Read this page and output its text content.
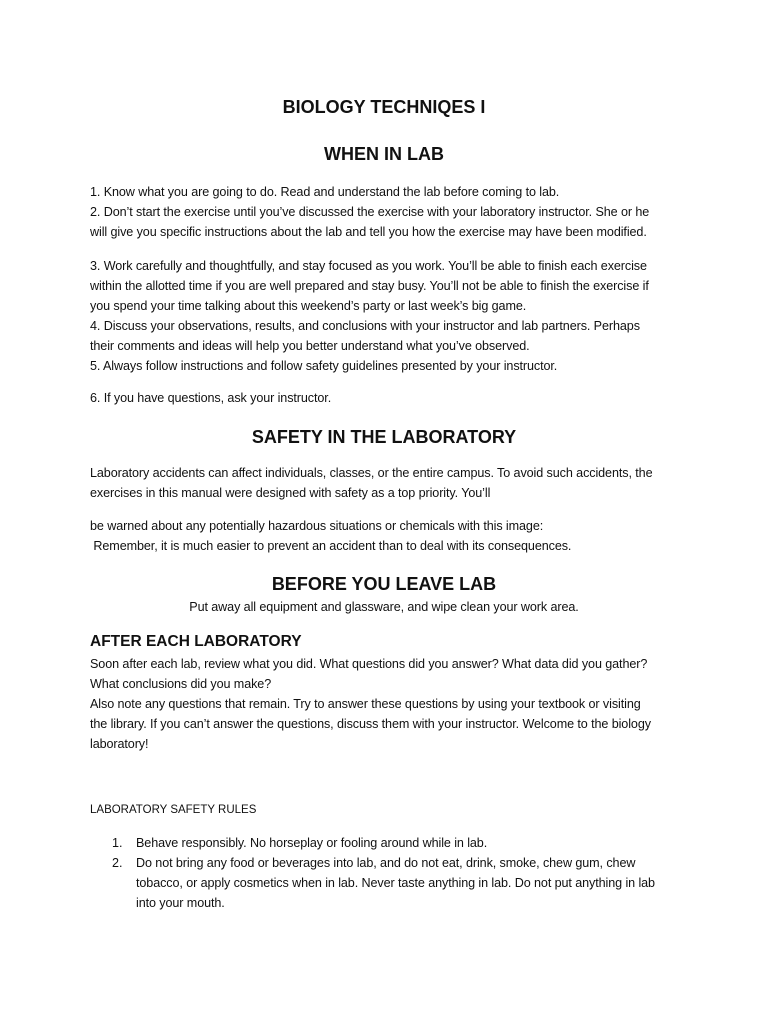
BIOLOGY TECHNIQES I
WHEN IN LAB
1. Know what you are going to do. Read and understand the lab before coming to lab.
2. Don’t start the exercise until you’ve discussed the exercise with your laboratory instructor. She or he
will give you specific instructions about the lab and tell you how the exercise may have been modified.
3. Work carefully and thoughtfully, and stay focused as you work. You’ll be able to finish each exercise
within the allotted time if you are well prepared and stay busy. You’ll not be able to finish the exercise if
you spend your time talking about this weekend’s party or last week’s big game.
4. Discuss your observations, results, and conclusions with your instructor and lab partners. Perhaps
their comments and ideas will help you better understand what you’ve observed.
5. Always follow instructions and follow safety guidelines presented by your instructor.
6. If you have questions, ask your instructor.
SAFETY IN THE LABORATORY
Laboratory accidents can affect individuals, classes, or the entire campus. To avoid such accidents, the
exercises in this manual were designed with safety as a top priority. You’ll
be warned about any potentially hazardous situations or chemicals with this image:
Remember, it is much easier to prevent an accident than to deal with its consequences.
BEFORE YOU LEAVE LAB
Put away all equipment and glassware, and wipe clean your work area.
AFTER EACH LABORATORY
Soon after each lab, review what you did. What questions did you answer? What data did you gather?
What conclusions did you make?
Also note any questions that remain. Try to answer these questions by using your textbook or visiting
the library. If you can’t answer the questions, discuss them with your instructor. Welcome to the biology
laboratory!
LABORATORY SAFETY RULES
1. Behave responsibly. No horseplay or fooling around while in lab.
2. Do not bring any food or beverages into lab, and do not eat, drink, smoke, chew gum, chew
tobacco, or apply cosmetics when in lab. Never taste anything in lab. Do not put anything in lab
into your mouth.
